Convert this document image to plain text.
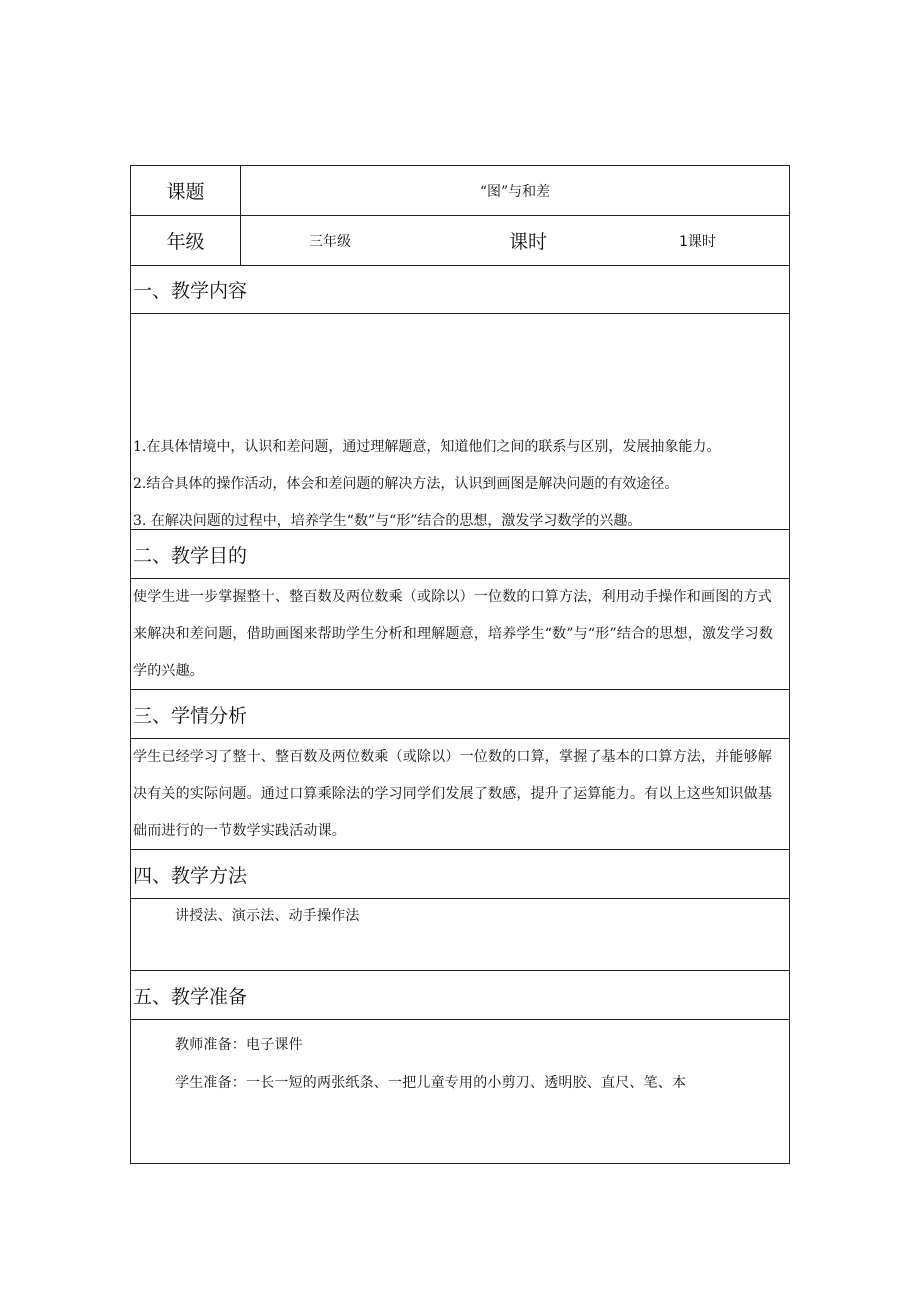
课题	“图”与和差
年级	三年级	课时	1课时
一、教学内容
1.在具体情境中，认识和差问题，通过理解题意，知道他们之间的联系与区别，发展抽象能力。
2.结合具体的操作活动，体会和差问题的解决方法，认识到画图是解决问题的有效途径。
3. 在解决问题的过程中，培养学生“数”与“形”结合的思想，激发学习数学的兴趣。
二、教学目的
使学生进一步掌握整十、整百数及两位数乘（或除以）一位数的口算方法，利用动手操作和画图的方式来解决和差问题，借助画图来帮助学生分析和理解题意，培养学生“数”与“形”结合的思想，激发学习数学的兴趣。
三、学情分析
学生已经学习了整十、整百数及两位数乘（或除以）一位数的口算，掌握了基本的口算方法，并能够解决有关的实际问题。通过口算乘除法的学习同学们发展了数感，提升了运算能力。有以上这些知识做基础而进行的一节数学实践活动课。
四、教学方法
讲授法、演示法、动手操作法
五、教学准备
教师准备：电子课件
学生准备：一长一短的两张纸条、一把儿童专用的小剪刀、透明胶、直尺、笔、本
